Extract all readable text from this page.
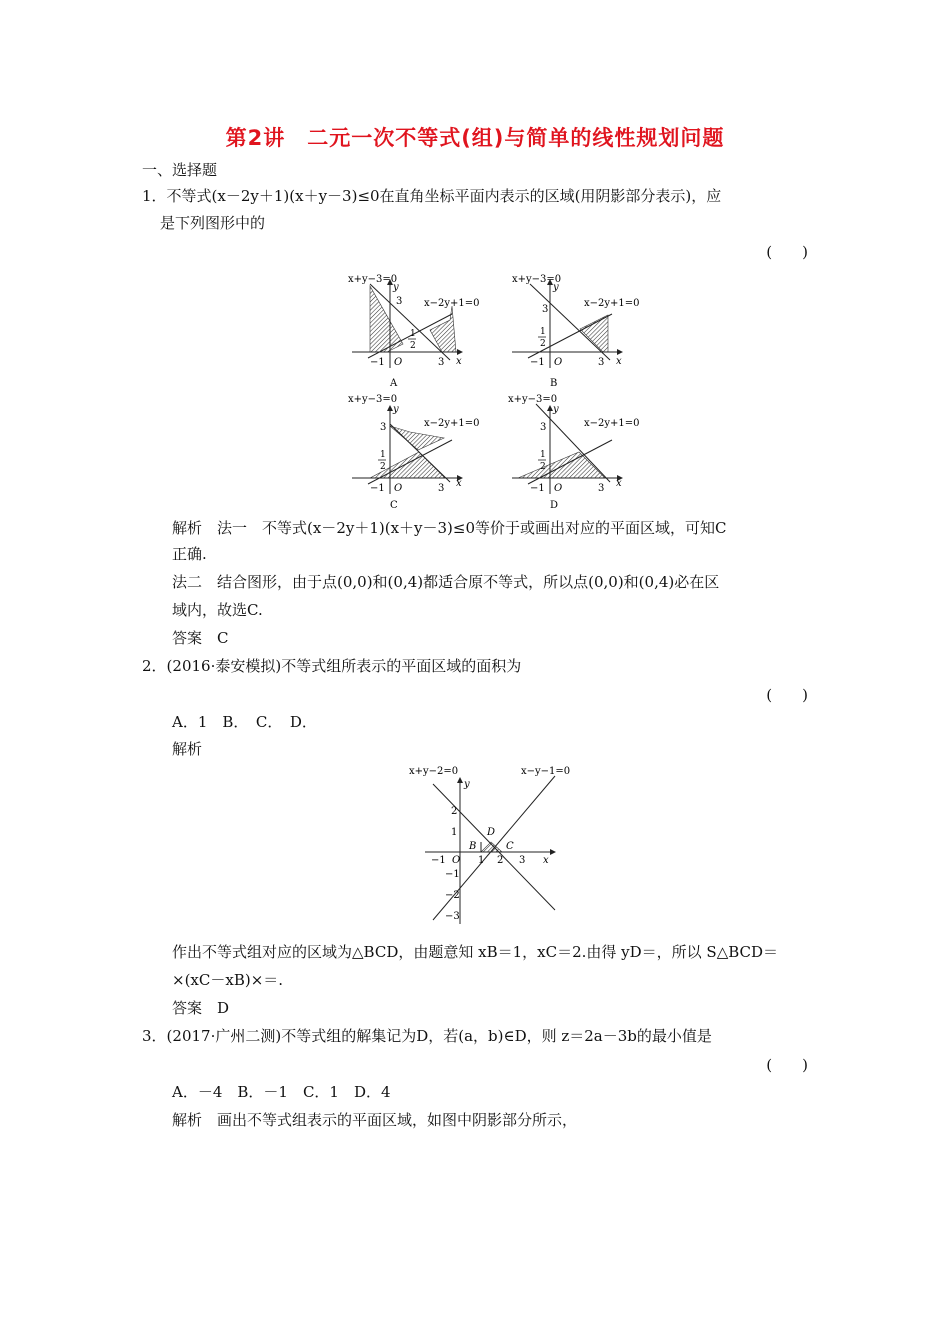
第2讲　二元一次不等式(组)与简单的线性规划问题
一、选择题
1．不等式(x－2y＋1)(x＋y－3)≤0在直角坐标平面内表示的区域(用阴影部分表示)，应
是下列图形中的
(　　)
x+y−3=0
x−2y+1=0
y
x
3
3
−1 O
1
2
A
x+y−3=0
x−2y+1=0
y
x
3
3
−1 O
1
2
B
x+y−3=0
x−2y+1=0
y
x
3
3
−1 O
1
2
C
x+y−3=0
x−2y+1=0
y
x
3
3
−1 O
1
2
D
解析　法一　不等式(x－2y＋1)(x＋y－3)≤0等价于或画出对应的平面区域，可知C
正确.
法二　结合图形，由于点(0,0)和(0,4)都适合原不等式，所以点(0,0)和(0,4)必在区
域内，故选C.
答案　C
2．(2016·泰安模拟)不等式组所表示的平面区域的面积为
(　　)
A．1　B．　C．　D．
解析
x+y−2=0	x−y−1=0
y
x
2
1
−1
−2
−3
−1 O 1 2 3
B	C
D
作出不等式组对应的区域为△BCD，由题意知 xB＝1，xC＝2.由得 yD＝，所以 S△BCD＝
×(xC－xB)×＝.
答案　D
3．(2017·广州二测)不等式组的解集记为D，若(a，b)∈D，则 z＝2a－3b的最小值是
(　　)
A．－4　B．－1　C．1　D．4
解析　画出不等式组表示的平面区域，如图中阴影部分所示，
